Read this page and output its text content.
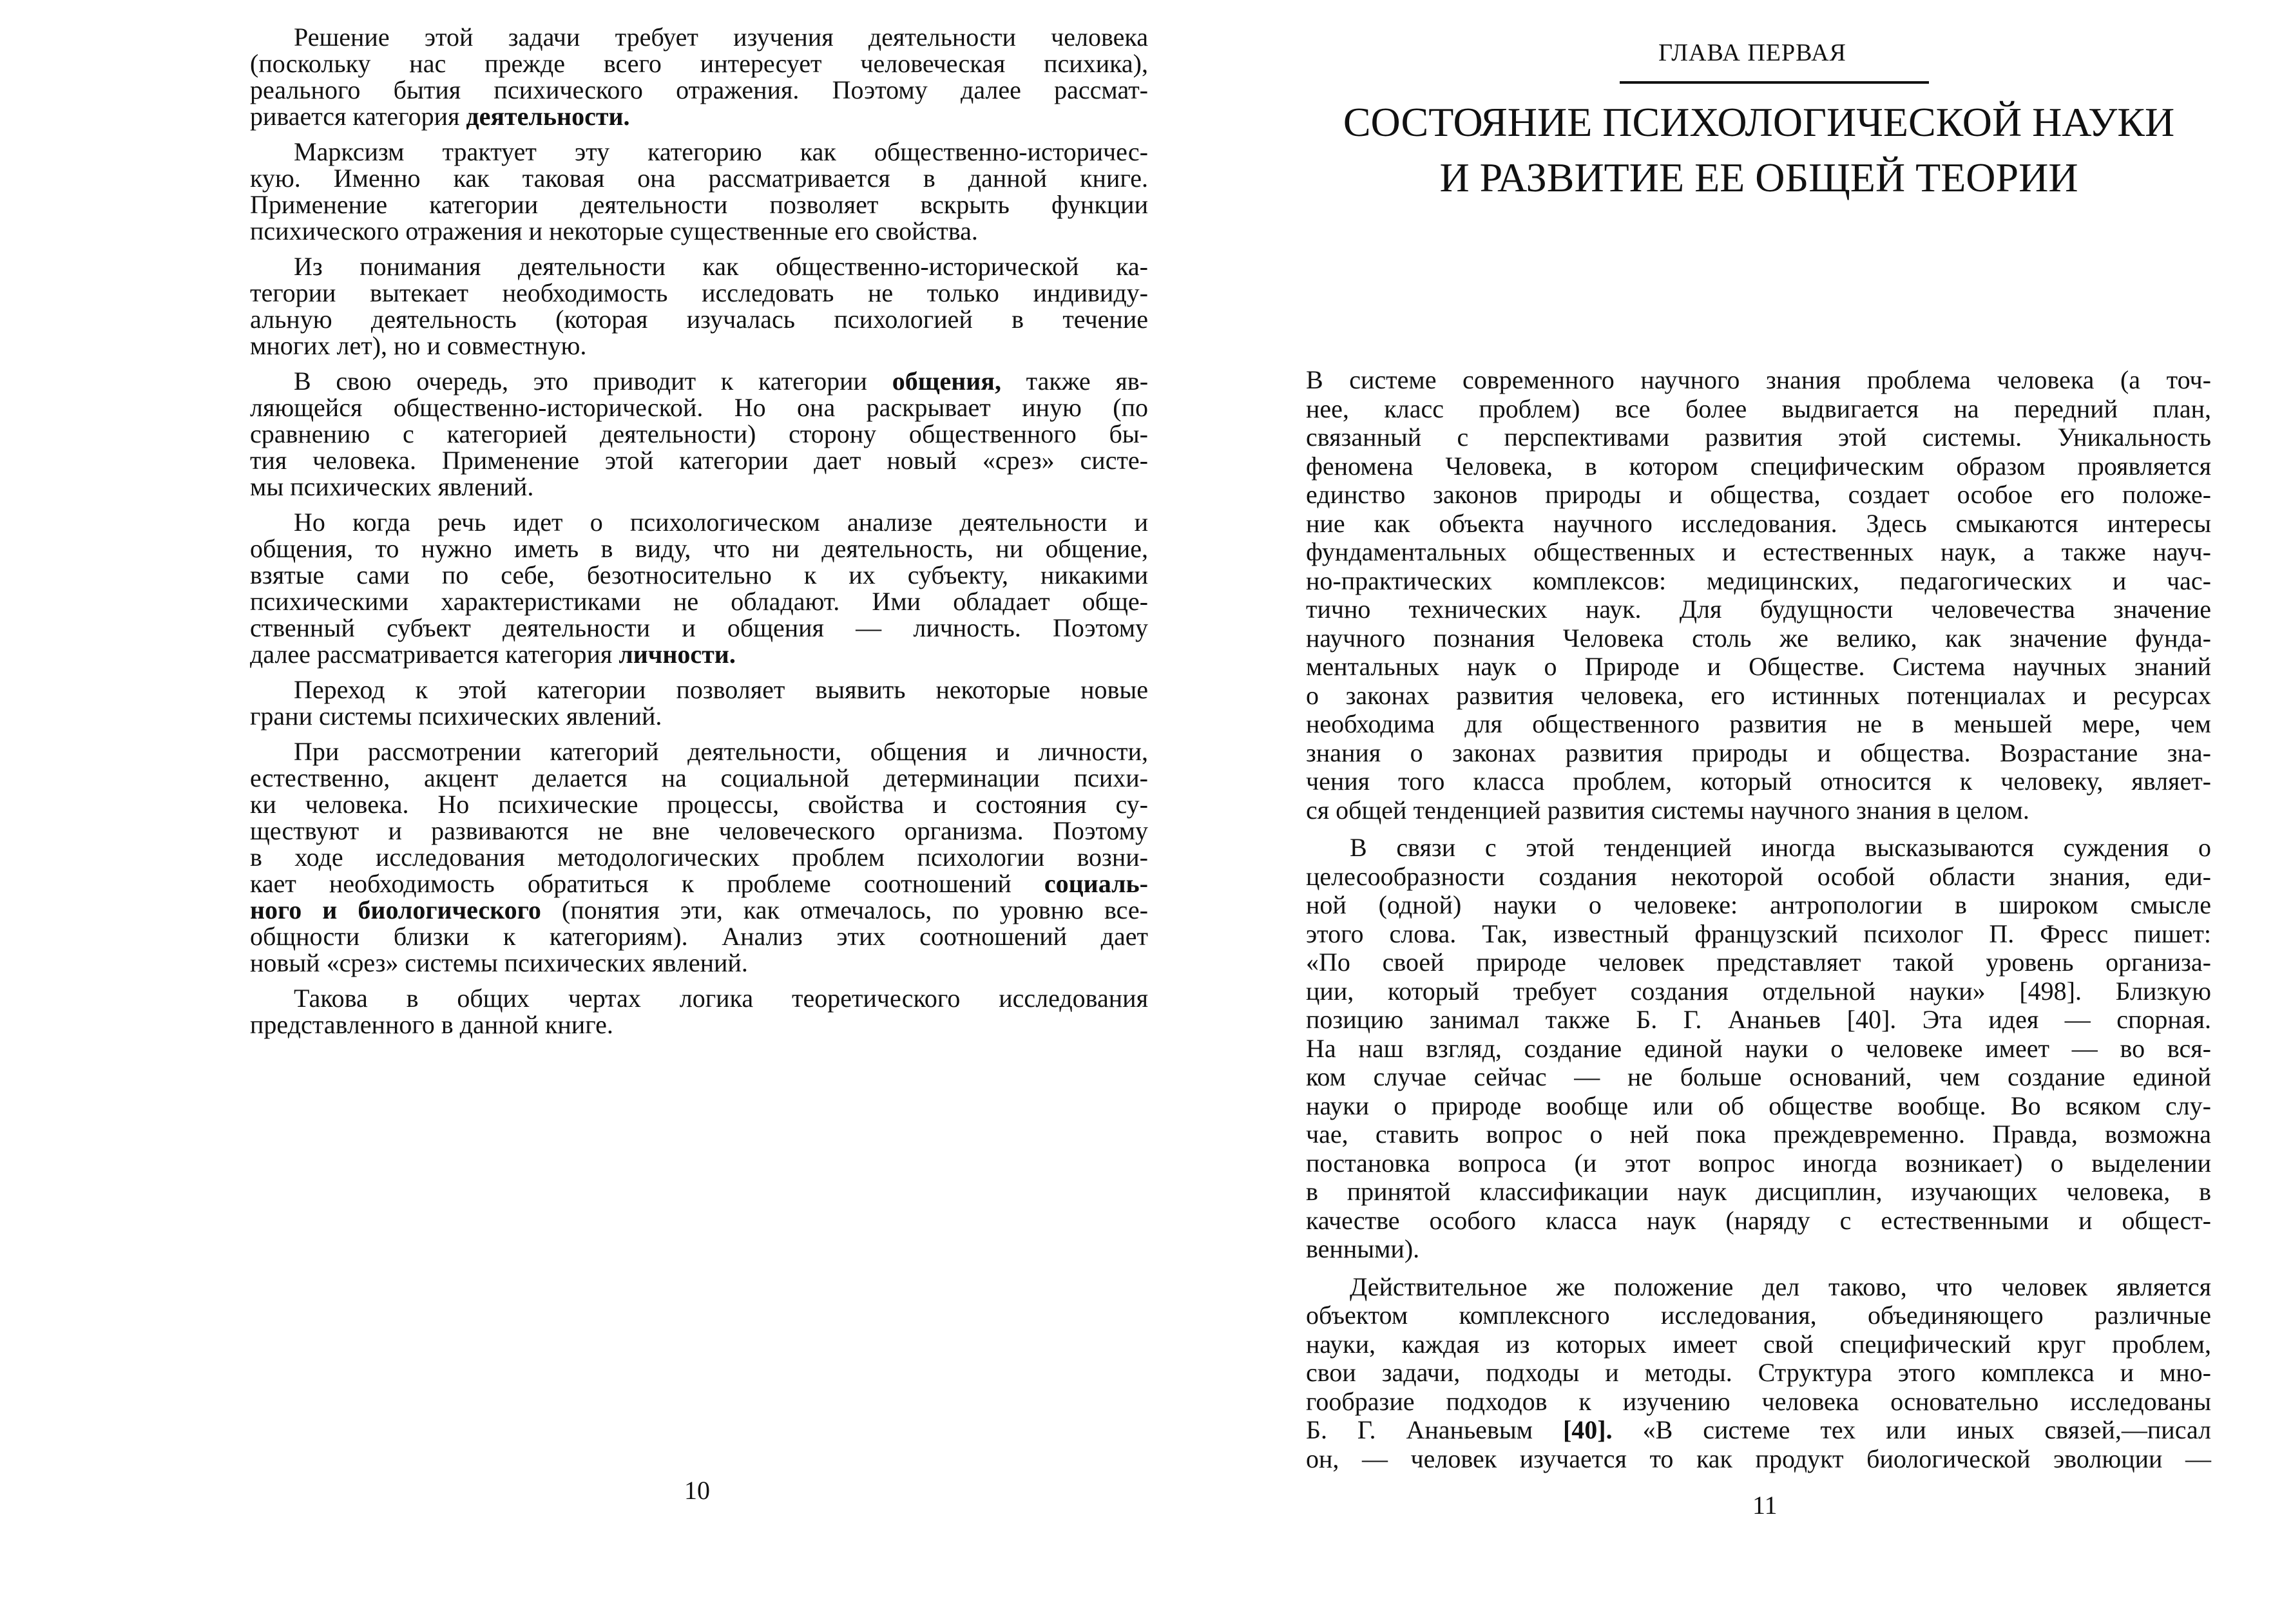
Решение этой задачи требует изучения деятельности человека
(поскольку нас прежде всего интересует человеческая психика),
реального бытия психического отражения. Поэтому далее рассмат-
ривается категория деятельности.
Марксизм трактует эту категорию как общественно-историчес-
кую. Именно как таковая она рассматривается в данной книге.
Применение категории деятельности позволяет вскрыть функции
психического отражения и некоторые существенные его свойства.
Из понимания деятельности как общественно-исторической ка-
тегории вытекает необходимость исследовать не только индивиду-
альную деятельность (которая изучалась психологией в течение
многих лет), но и совместную.
В свою очередь, это приводит к категории общения, также яв-
ляющейся общественно-исторической. Но она раскрывает иную (по
сравнению с категорией деятельности) сторону общественного бы-
тия человека. Применение этой категории дает новый «срез» систе-
мы психических явлений.
Но когда речь идет о психологическом анализе деятельности и
общения, то нужно иметь в виду, что ни деятельность, ни общение,
взятые сами по себе, безотносительно к их субъекту, никакими
психическими характеристиками не обладают. Ими обладает обще-
ственный субъект деятельности и общения — личность. Поэтому
далее рассматривается категория личности.
Переход к этой категории позволяет выявить некоторые новые
грани системы психических явлений.
При рассмотрении категорий деятельности, общения и личности,
естественно, акцент делается на социальной детерминации психи-
ки человека. Но психические процессы, свойства и состояния су-
ществуют и развиваются не вне человеческого организма. Поэтому
в ходе исследования методологических проблем психологии возни-
кает необходимость обратиться к проблеме соотношений социаль-
ного и биологического (понятия эти, как отмечалось, по уровню все-
общности близки к категориям). Анализ этих соотношений дает
новый «срез» системы психических явлений.
Такова в общих чертах логика теоретического исследования
представленного в данной книге.
ГЛАВА ПЕРВАЯ
СОСТОЯНИЕ ПСИХОЛОГИЧЕСКОЙ НАУКИ
И РАЗВИТИЕ ЕЕ ОБЩЕЙ ТЕОРИИ
В системе современного научного знания проблема человека (а точ-
нее, класс проблем) все более выдвигается на передний план,
связанный с перспективами развития этой системы. Уникальность
феномена Человека, в котором специфическим образом проявляется
единство законов природы и общества, создает особое его положе-
ние как объекта научного исследования. Здесь смыкаются интересы
фундаментальных общественных и естественных наук, а также науч-
но-практических комплексов: медицинских, педагогических и час-
тично технических наук. Для будущности человечества значение
научного познания Человека столь же велико, как значение фунда-
ментальных наук о Природе и Обществе. Система научных знаний
о законах развития человека, его истинных потенциалах и ресурсах
необходима для общественного развития не в меньшей мере, чем
знания о законах развития природы и общества. Возрастание зна-
чения того класса проблем, который относится к человеку, являет-
ся общей тенденцией развития системы научного знания в целом.
В связи с этой тенденцией иногда высказываются суждения о
целесообразности создания некоторой особой области знания, еди-
ной (одной) науки о человеке: антропологии в широком смысле
этого слова. Так, известный французский психолог П. Фресс пишет:
«По своей природе человек представляет такой уровень организа-
ции, который требует создания отдельной науки» [498]. Близкую
позицию занимал также Б. Г. Ананьев [40]. Эта идея — спорная.
На наш взгляд, создание единой науки о человеке имеет — во вся-
ком случае сейчас — не больше оснований, чем создание единой
науки о природе вообще или об обществе вообще. Во всяком слу-
чае, ставить вопрос о ней пока преждевременно. Правда, возможна
постановка вопроса (и этот вопрос иногда возникает) о выделении
в принятой классификации наук дисциплин, изучающих человека, в
качестве особого класса наук (наряду с естественными и общест-
венными).
Действительное же положение дел таково, что человек является
объектом комплексного исследования, объединяющего различные
науки, каждая из которых имеет свой специфический круг проблем,
свои задачи, подходы и методы. Структура этого комплекса и мно-
гообразие подходов к изучению человека основательно исследованы
Б. Г. Ананьевым [40]. «В системе тех или иных связей,—писал
он, — человек изучается то как продукт биологической эволюции —
10
11
